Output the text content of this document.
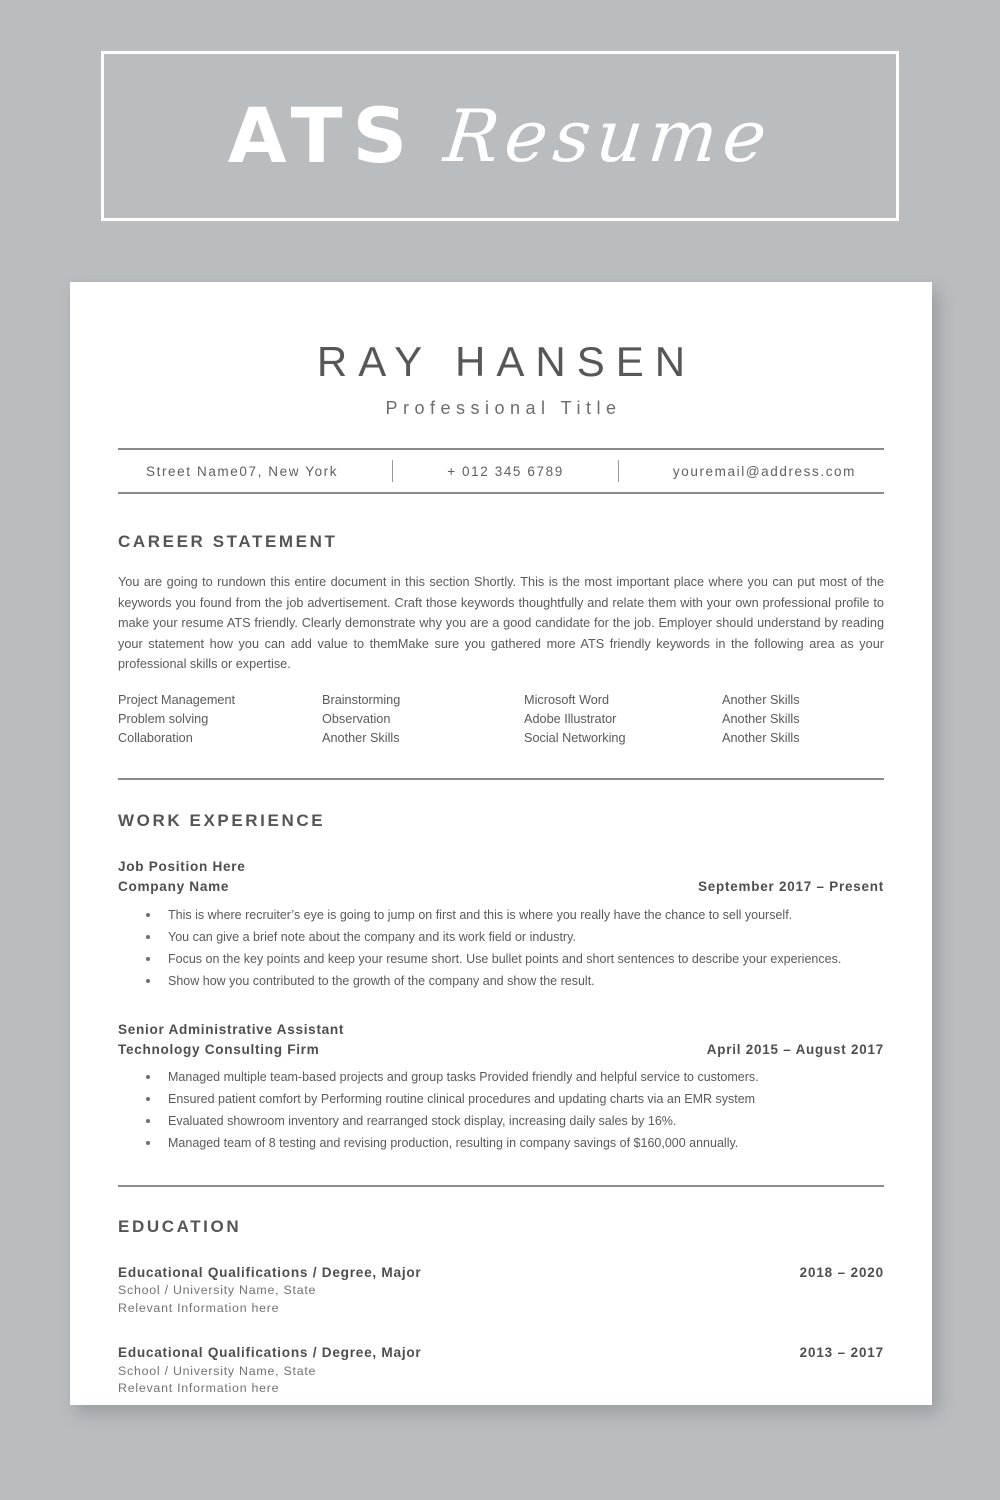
ATS Resume
RAY HANSEN
Professional Title
Street Name07, New York	+ 012 345 6789	youremail@address.com
CAREER STATEMENT

You are going to rundown this entire document in this section Shortly. This is the most important place where you can put most of the keywords you found from the job advertisement. Craft those keywords thoughtfully and relate them with your own professional profile to make your resume ATS friendly. Clearly demonstrate why you are a good candidate for the job. Employer should understand by reading your statement how you can add value to themMake sure you gathered more ATS friendly keywords in the following area as your professional skills or expertise.

Project Management	Brainstorming	Microsoft Word	Another Skills
Problem solving	Observation	Adobe Illustrator	Another Skills
Collaboration	Another Skills	Social Networking	Another Skills
WORK EXPERIENCE
Job Position Here
Company Name	September 2017 – Present
This is where recruiter’s eye is going to jump on first and this is where you really have the chance to sell yourself.
You can give a brief note about the company and its work field or industry.
Focus on the key points and keep your resume short. Use bullet points and short sentences to describe your experiences.
Show how you contributed to the growth of the company and show the result.
Senior Administrative Assistant
Technology Consulting Firm	April 2015 – August 2017
Managed multiple team-based projects and group tasks Provided friendly and helpful service to customers.
Ensured patient comfort by Performing routine clinical procedures and updating charts via an EMR system
Evaluated showroom inventory and rearranged stock display, increasing daily sales by 16%.
Managed team of 8 testing and revising production, resulting in company savings of $160,000 annually.
EDUCATION
Educational Qualifications / Degree, Major	2018 – 2020
School / University Name, State
Relevant Information here
Educational Qualifications / Degree, Major	2013 – 2017
School / University Name, State
Relevant Information here
